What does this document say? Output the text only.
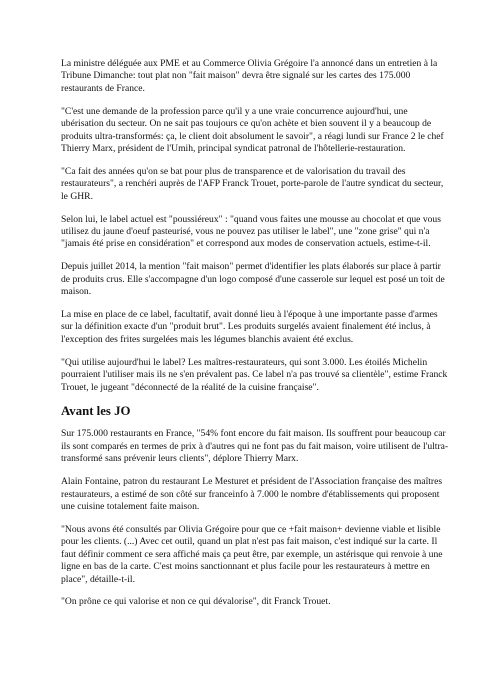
La ministre déléguée aux PME et au Commerce Olivia Grégoire l'a annoncé dans un entretien à la Tribune Dimanche: tout plat non "fait maison" devra être signalé sur les cartes des 175.000 restaurants de France.

"C'est une demande de la profession parce qu'il y a une vraie concurrence aujourd'hui, une ubérisation du secteur. On ne sait pas toujours ce qu'on achète et bien souvent il y a beaucoup de produits ultra-transformés: ça, le client doit absolument le savoir", a réagi lundi sur France 2 le chef Thierry Marx, président de l'Umih, principal syndicat patronal de l'hôtellerie-restauration.

"Ca fait des années qu'on se bat pour plus de transparence et de valorisation du travail des restaurateurs", a renchéri auprès de l'AFP Franck Trouet, porte-parole de l'autre syndicat du secteur, le GHR.

Selon lui, le label actuel est "poussiéreux" : "quand vous faites une mousse au chocolat et que vous utilisez du jaune d'oeuf pasteurisé, vous ne pouvez pas utiliser le label", une "zone grise" qui n'a "jamais été prise en considération" et correspond aux modes de conservation actuels, estime-t-il.

Depuis juillet 2014, la mention "fait maison" permet d'identifier les plats élaborés sur place à partir de produits crus. Elle s'accompagne d'un logo composé d'une casserole sur lequel est posé un toit de maison.

La mise en place de ce label, facultatif, avait donné lieu à l'époque à une importante passe d'armes sur la définition exacte d'un "produit brut". Les produits surgelés avaient finalement été inclus, à l'exception des frites surgelées mais les légumes blanchis avaient été exclus.

"Qui utilise aujourd'hui le label? Les maîtres-restaurateurs, qui sont 3.000. Les étoilés Michelin pourraient l'utiliser mais ils ne s'en prévalent pas. Ce label n'a pas trouvé sa clientèle", estime Franck Trouet, le jugeant "déconnecté de la réalité de la cuisine française".

Avant les JO

Sur 175.000 restaurants en France, "54% font encore du fait maison. Ils souffrent pour beaucoup car ils sont comparés en termes de prix à d'autres qui ne font pas du fait maison, voire utilisent de l'ultra-transformé sans prévenir leurs clients", déplore Thierry Marx.

Alain Fontaine, patron du restaurant Le Mesturet et président de l'Association française des maîtres restaurateurs, a estimé de son côté sur franceinfo à 7.000 le nombre d'établissements qui proposent une cuisine totalement faite maison.

"Nous avons été consultés par Olivia Grégoire pour que ce +fait maison+ devienne viable et lisible pour les clients. (...) Avec cet outil, quand un plat n'est pas fait maison, c'est indiqué sur la carte. Il faut définir comment ce sera affiché mais ça peut être, par exemple, un astérisque qui renvoie à une ligne en bas de la carte. C'est moins sanctionnant et plus facile pour les restaurateurs à mettre en place", détaille-t-il.

"On prône ce qui valorise et non ce qui dévalorise", dit Franck Trouet.
